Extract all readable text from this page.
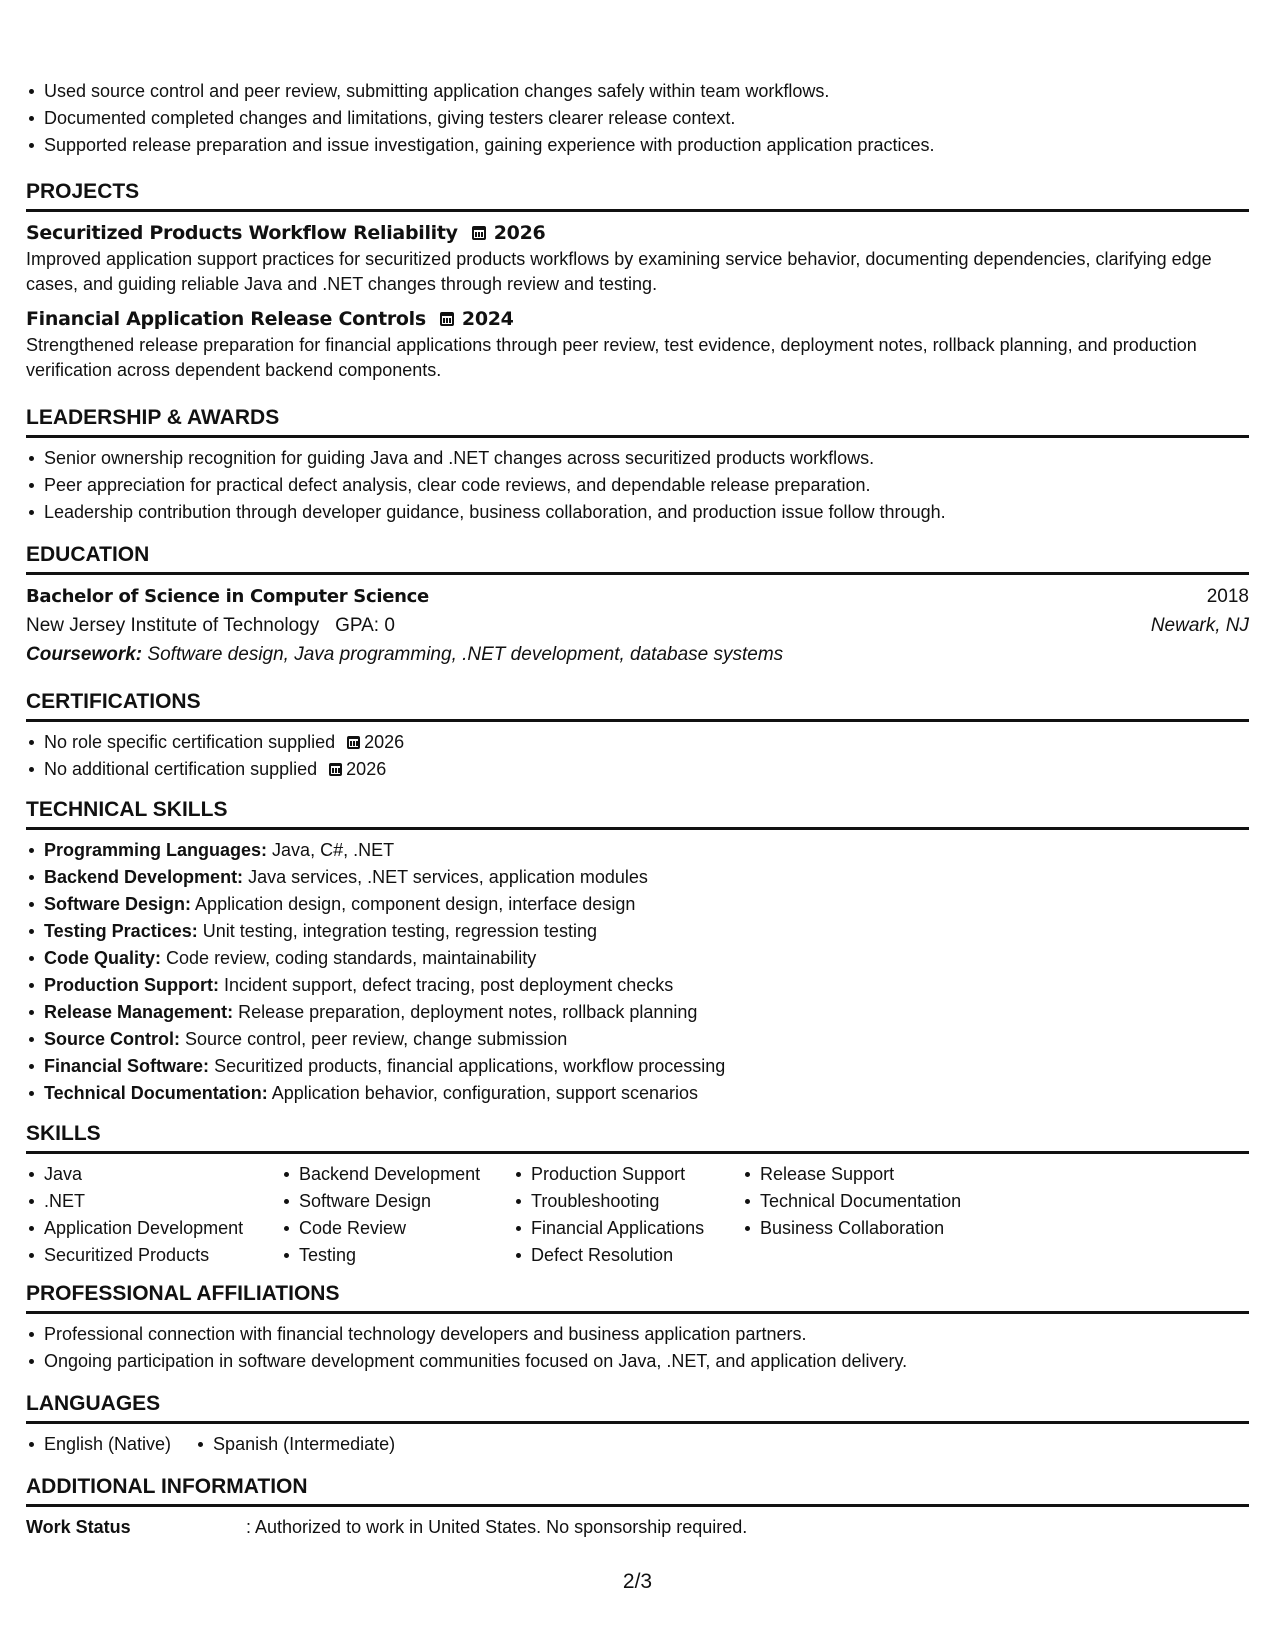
Used source control and peer review, submitting application changes safely within team workflows.
Documented completed changes and limitations, giving testers clearer release context.
Supported release preparation and issue investigation, gaining experience with production application practices.
PROJECTS
Securitized Products Workflow Reliability 2026
Improved application support practices for securitized products workflows by examining service behavior, documenting dependencies, clarifying edge cases, and guiding reliable Java and .NET changes through review and testing.
Financial Application Release Controls 2024
Strengthened release preparation for financial applications through peer review, test evidence, deployment notes, rollback planning, and production verification across dependent backend components.
LEADERSHIP & AWARDS
Senior ownership recognition for guiding Java and .NET changes across securitized products workflows.
Peer appreciation for practical defect analysis, clear code reviews, and dependable release preparation.
Leadership contribution through developer guidance, business collaboration, and production issue follow through.
EDUCATION
Bachelor of Science in Computer Science	2018
New Jersey Institute of Technology GPA: 0	Newark, NJ
Coursework:
Software design, Java programming, .NET development, database systems
CERTIFICATIONS
No role specific certification supplied 2026
No additional certification supplied 2026
TECHNICAL SKILLS
Programming Languages: Java, C#, .NET
Backend Development: Java services, .NET services, application modules
Software Design: Application design, component design, interface design
Testing Practices: Unit testing, integration testing, regression testing
Code Quality: Code review, coding standards, maintainability
Production Support: Incident support, defect tracing, post deployment checks
Release Management: Release preparation, deployment notes, rollback planning
Source Control: Source control, peer review, change submission
Financial Software: Securitized products, financial applications, workflow processing
Technical Documentation: Application behavior, configuration, support scenarios
SKILLS
Java
.NET
Application Development
Securitized Products
Backend Development
Software Design
Code Review
Testing
Production Support
Troubleshooting
Financial Applications
Defect Resolution
Release Support
Technical Documentation
Business Collaboration
PROFESSIONAL AFFILIATIONS
Professional connection with financial technology developers and business application partners.
Ongoing participation in software development communities focused on Java, .NET, and application delivery.
LANGUAGES
English (Native)	Spanish (Intermediate)
ADDITIONAL INFORMATION
Work Status	: Authorized to work in United States. No sponsorship required.
2/3
